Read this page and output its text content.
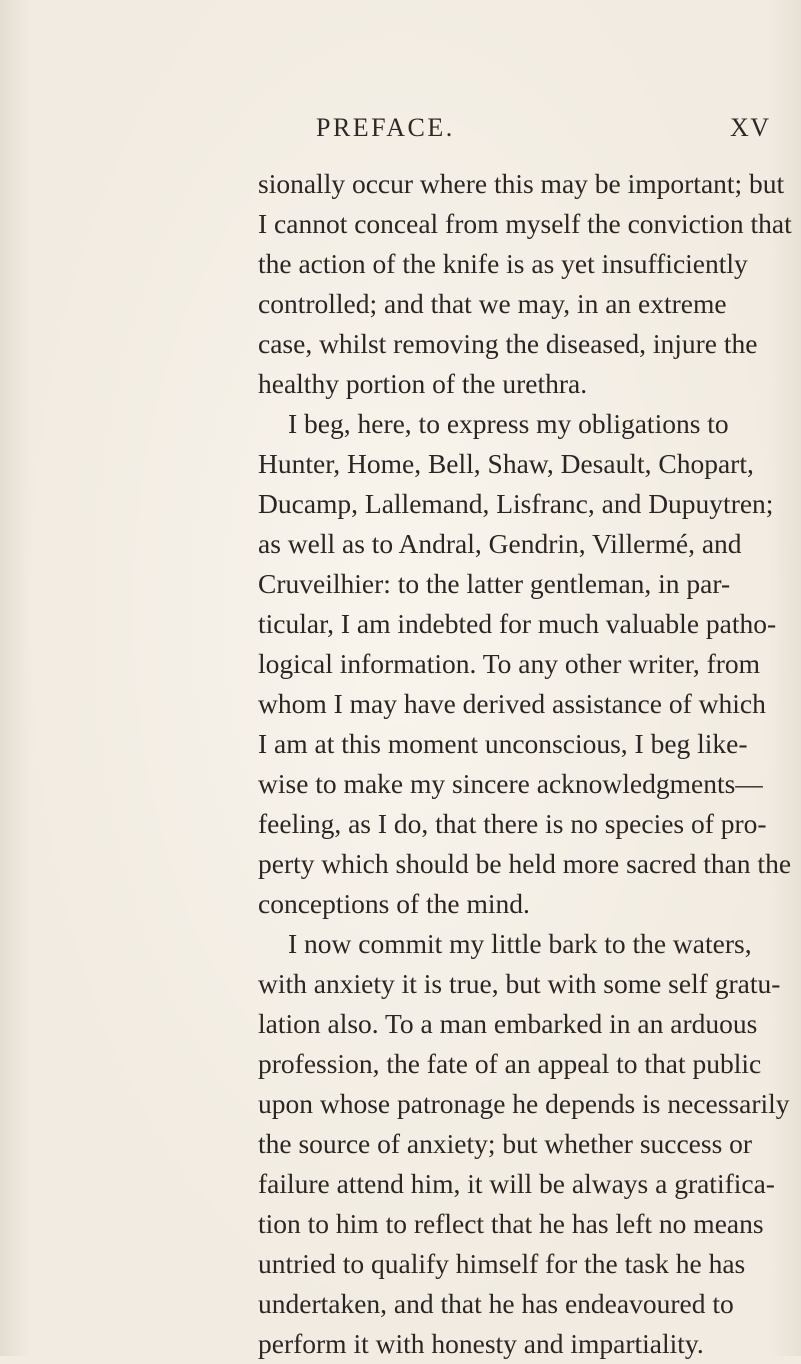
PREFACE.	XV
sionally occur where this may be important; but
I cannot conceal from myself the conviction that
the action of the knife is as yet insufficiently
controlled; and that we may, in an extreme
case, whilst removing the diseased, injure the
healthy portion of the urethra.
I beg, here, to express my obligations to
Hunter, Home, Bell, Shaw, Desault, Chopart,
Ducamp, Lallemand, Lisfranc, and Dupuytren;
as well as to Andral, Gendrin, Villermé, and
Cruveilhier: to the latter gentleman, in par-
ticular, I am indebted for much valuable patho-
logical information. To any other writer, from
whom I may have derived assistance of which
I am at this moment unconscious, I beg like-
wise to make my sincere acknowledgments—
feeling, as I do, that there is no species of pro-
perty which should be held more sacred than the
conceptions of the mind.
I now commit my little bark to the waters,
with anxiety it is true, but with some self gratu-
lation also. To a man embarked in an arduous
profession, the fate of an appeal to that public
upon whose patronage he depends is necessarily
the source of anxiety; but whether success or
failure attend him, it will be always a gratifica-
tion to him to reflect that he has left no means
untried to qualify himself for the task he has
undertaken, and that he has endeavoured to
perform it with honesty and impartiality.
